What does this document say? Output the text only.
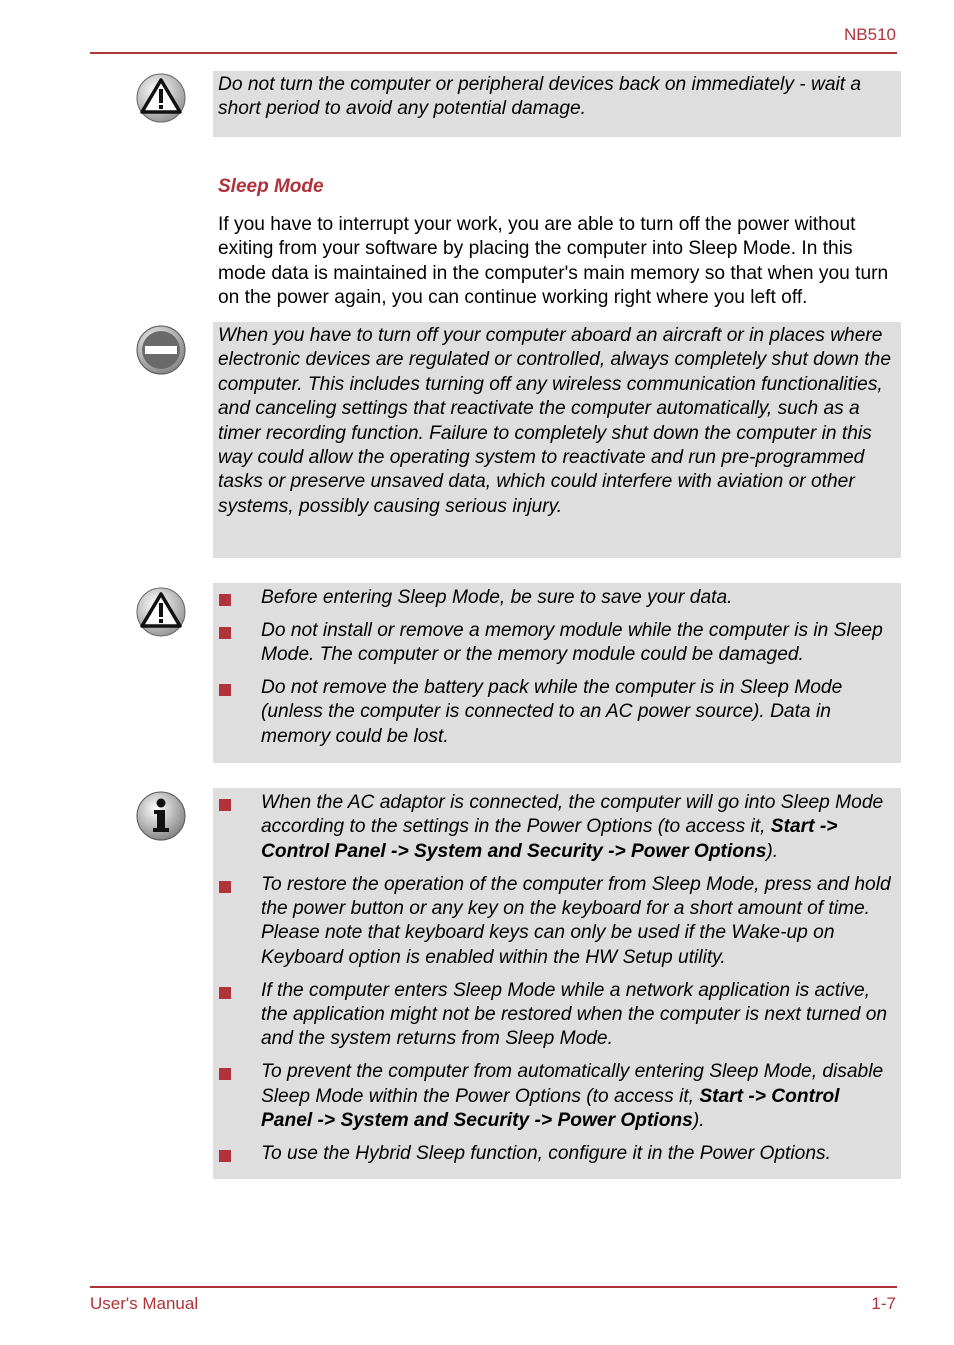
NB510
Do not turn the computer or peripheral devices back on immediately - wait a short period to avoid any potential damage.
Sleep Mode
If you have to interrupt your work, you are able to turn off the power without exiting from your software by placing the computer into Sleep Mode. In this mode data is maintained in the computer's main memory so that when you turn on the power again, you can continue working right where you left off.
When you have to turn off your computer aboard an aircraft or in places where electronic devices are regulated or controlled, always completely shut down the computer. This includes turning off any wireless communication functionalities, and canceling settings that reactivate the computer automatically, such as a timer recording function. Failure to completely shut down the computer in this way could allow the operating system to reactivate and run pre-programmed tasks or preserve unsaved data, which could interfere with aviation or other systems, possibly causing serious injury.
Before entering Sleep Mode, be sure to save your data.
Do not install or remove a memory module while the computer is in Sleep Mode. The computer or the memory module could be damaged.
Do not remove the battery pack while the computer is in Sleep Mode (unless the computer is connected to an AC power source). Data in memory could be lost.
When the AC adaptor is connected, the computer will go into Sleep Mode according to the settings in the Power Options (to access it, Start -> Control Panel -> System and Security -> Power Options).
To restore the operation of the computer from Sleep Mode, press and hold the power button or any key on the keyboard for a short amount of time. Please note that keyboard keys can only be used if the Wake-up on Keyboard option is enabled within the HW Setup utility.
If the computer enters Sleep Mode while a network application is active, the application might not be restored when the computer is next turned on and the system returns from Sleep Mode.
To prevent the computer from automatically entering Sleep Mode, disable Sleep Mode within the Power Options (to access it, Start -> Control Panel -> System and Security -> Power Options).
To use the Hybrid Sleep function, configure it in the Power Options.
User's Manual	1-7
